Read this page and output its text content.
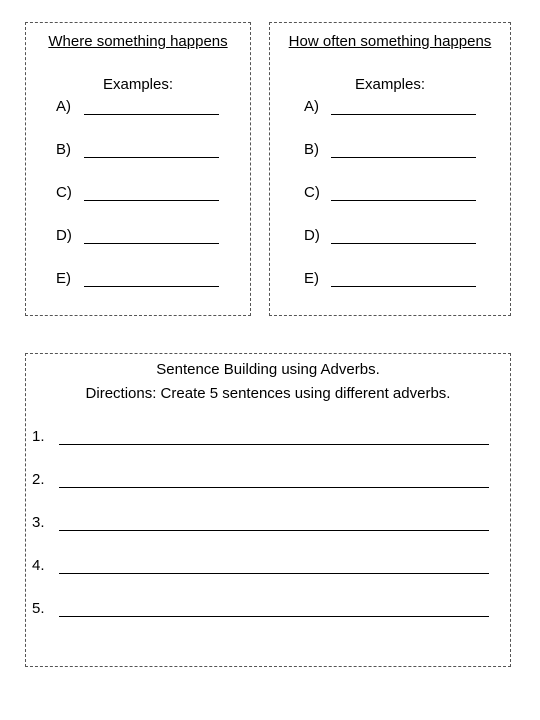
Where something happens
Examples:
A)
B)
C)
D)
E)
How often something happens
Examples:
A)
B)
C)
D)
E)
Sentence Building using Adverbs.
Directions: Create 5 sentences using different adverbs.
1.
2.
3.
4.
5.
